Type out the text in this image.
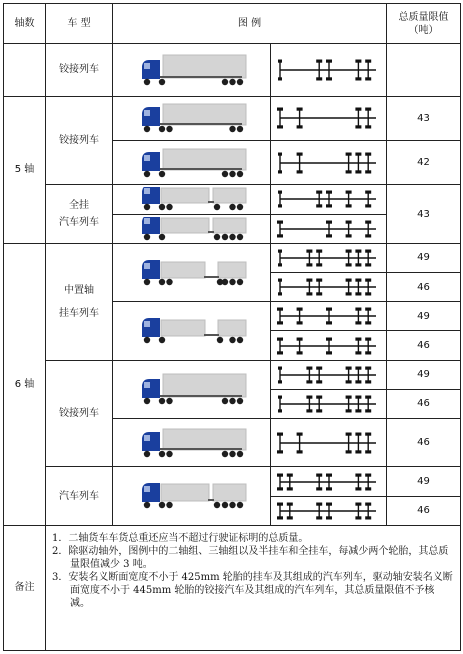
轴数	车 型	图 例		总质量限值
（吨）

	铰接列车	

5 轴	铰接列车			43

	42

	全挂
汽车列车			43

6 轴	中置轴
挂车列车			49

	46

	49

	46
	铰接列车			49

	46

	46
	汽车列车			49

	46
备注	1．二轴货车车货总重还应当不超过行驶证标明的总质量。

2．除驱动轴外，图例中的二轴组、三轴组以及半挂车和全挂车，每减少两个轮胎，其总质量限值减少 3 吨。

3．安装名义断面宽度不小于 425mm 轮胎的挂车及其组成的汽车列车，驱动轴安装名义断面宽度不小于 445mm 轮胎的铰接汽车及其组成的汽车列车，其总质量限值不予核减。			
